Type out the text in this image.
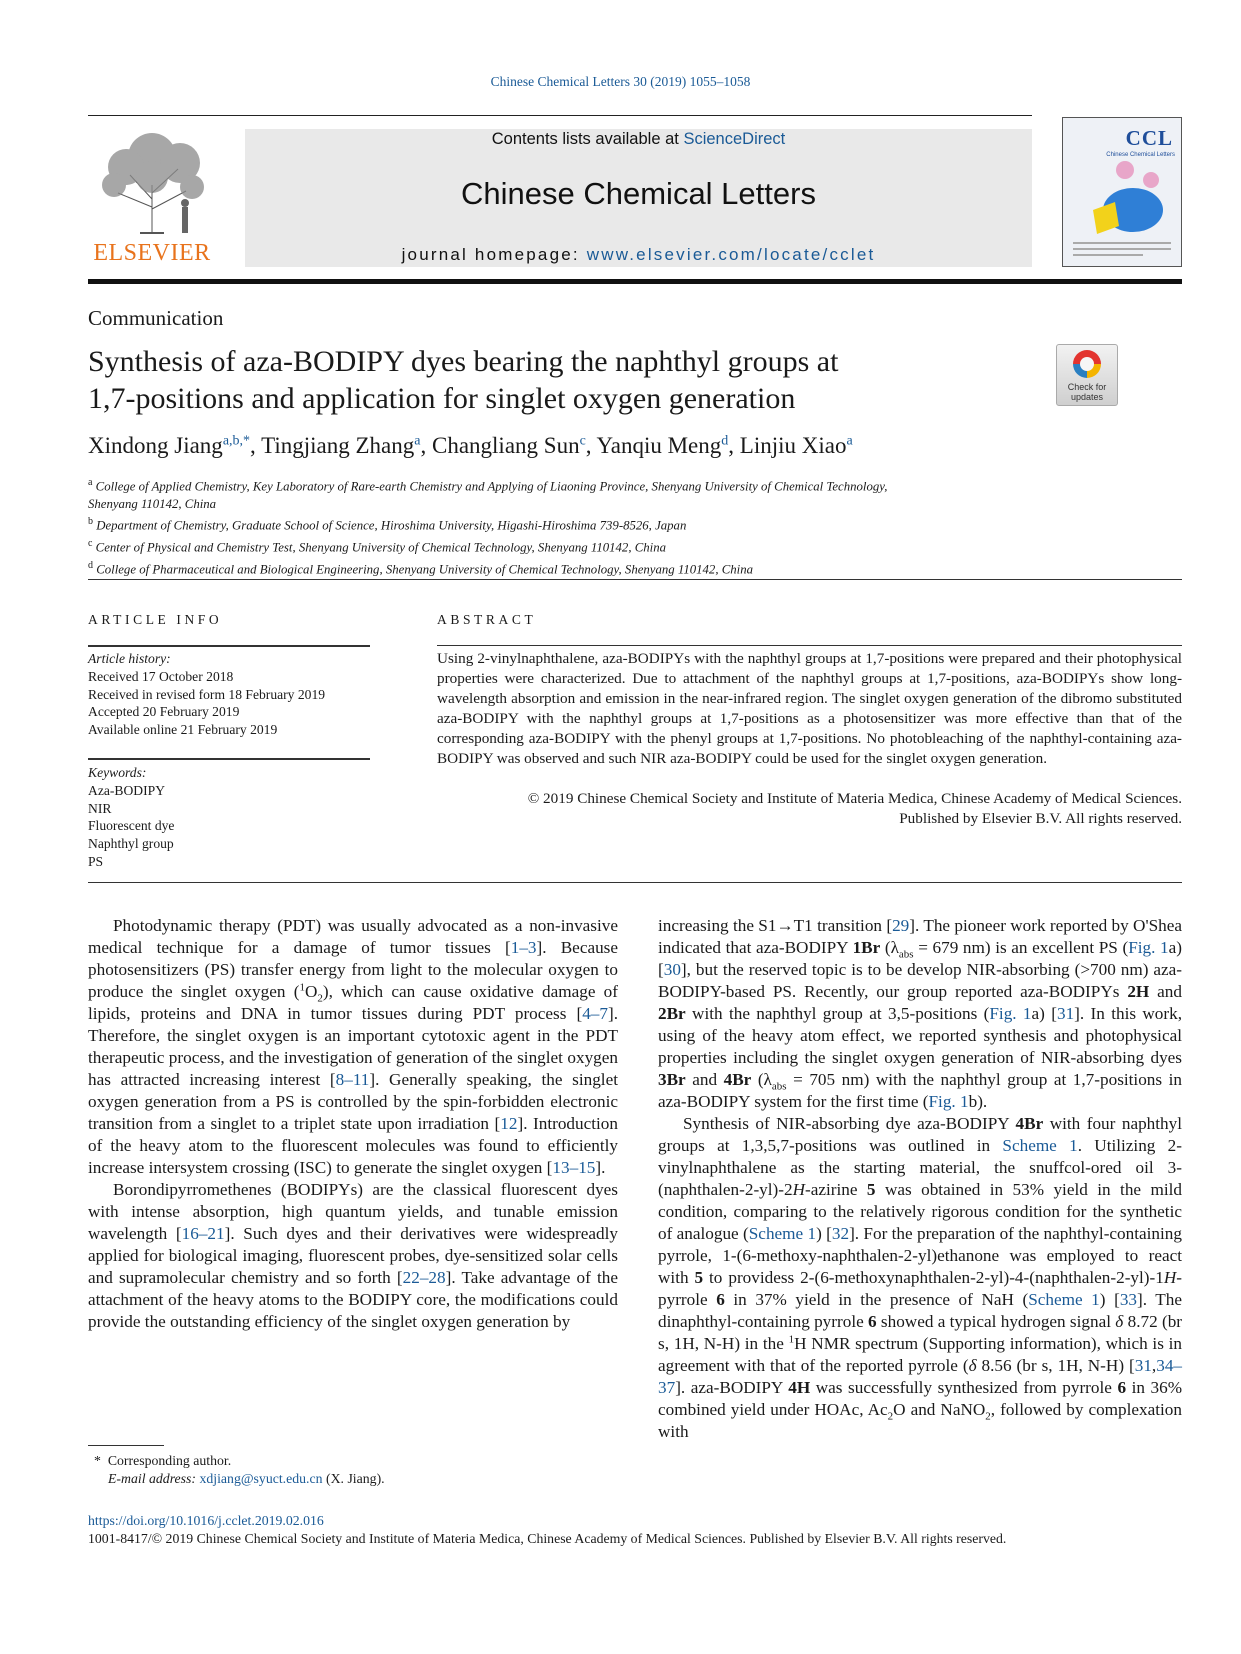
Chinese Chemical Letters 30 (2019) 1055–1058
ELSEVIER
Contents lists available at ScienceDirect
Chinese Chemical Letters
journal homepage: www.elsevier.com/locate/cclet
CCL
Chinese Chemical Letters
Communication
Synthesis of aza-BODIPY dyes bearing the naphthyl groups at
1,7-positions and application for singlet oxygen generation	Check for updates
Xindong Jiang$^{a,b,*}$, Tingjiang Zhang$^a$, Changliang Sun$^c$, Yanqiu Meng$^d$, Linjiu Xiao$^a$
$^a$ College of Applied Chemistry, Key Laboratory of Rare-earth Chemistry and Applying of Liaoning Province, Shenyang University of Chemical Technology,
Shenyang 110142, China
$^b$ Department of Chemistry, Graduate School of Science, Hiroshima University, Higashi-Hiroshima 739-8526, Japan
$^c$ Center of Physical and Chemistry Test, Shenyang University of Chemical Technology, Shenyang 110142, China
$^d$ College of Pharmaceutical and Biological Engineering, Shenyang University of Chemical Technology, Shenyang 110142, China
ARTICLE INFO	ABSTRACT
Article history:
Received 17 October 2018
Received in revised form 18 February 2019
Accepted 20 February 2019
Available online 21 February 2019
Keywords:
Aza-BODIPY
NIR
Fluorescent dye
Naphthyl group
PS

Using 2-vinylnaphthalene, aza-BODIPYs with the naphthyl groups at 1,7-positions were prepared and their photophysical properties were characterized. Due to attachment of the naphthyl groups at 1,7-positions, aza-BODIPYs show long-wavelength absorption and emission in the near-infrared region. The singlet oxygen generation of the dibromo substituted aza-BODIPY with the naphthyl groups at 1,7-positions as a photosensitizer was more effective than that of the corresponding aza-BODIPY with the phenyl groups at 1,7-positions. No photobleaching of the naphthyl-containing aza-BODIPY was observed and such NIR aza-BODIPY could be used for the singlet oxygen generation.

© 2019 Chinese Chemical Society and Institute of Materia Medica, Chinese Academy of Medical Sciences.
Published by Elsevier B.V. All rights reserved.

Photodynamic therapy (PDT) was usually advocated as a non-invasive medical technique for a damage of tumor tissues [1–3]. Because photosensitizers (PS) transfer energy from light to the molecular oxygen to produce the singlet oxygen $(^1O_2)$, which can cause oxidative damage of lipids, proteins and DNA in tumor tissues during PDT process [4–7]. Therefore, the singlet oxygen is an important cytotoxic agent in the PDT therapeutic process, and the investigation of generation of the singlet oxygen has attracted increasing interest [8–11]. Generally speaking, the singlet oxygen generation from a PS is controlled by the spin-forbidden electronic transition from a singlet to a triplet state upon irradiation [12]. Introduction of the heavy atom to the fluorescent molecules was found to efficiently increase intersystem crossing (ISC) to generate the singlet oxygen [13–15].

Borondipyrromethenes (BODIPYs) are the classical fluorescent dyes with intense absorption, high quantum yields, and tunable emission wavelength [16–21]. Such dyes and their derivatives were widespreadly applied for biological imaging, fluorescent probes, dye-sensitized solar cells and supramolecular chemistry and so forth [22–28]. Take advantage of the attachment of the heavy atoms to the BODIPY core, the modifications could provide the outstanding efficiency of the singlet oxygen generation by

increasing the S1→T1 transition [29]. The pioneer work reported by O'Shea indicated that aza-BODIPY 1Br ($\lambda_{abs} = 679$ nm) is an excellent PS (Fig. 1a) [30], but the reserved topic is to be develop NIR-absorbing (>700 nm) aza-BODIPY-based PS. Recently, our group reported aza-BODIPYs 2H and 2Br with the naphthyl group at 3,5-positions (Fig. 1a) [31]. In this work, using of the heavy atom effect, we reported synthesis and photophysical properties including the singlet oxygen generation of NIR-absorbing dyes 3Br and 4Br ($\lambda_{abs} = 705$ nm) with the naphthyl group at 1,7-positions in aza-BODIPY system for the first time (Fig. 1b).

Synthesis of NIR-absorbing dye aza-BODIPY 4Br with four naphthyl groups at 1,3,5,7-positions was outlined in Scheme 1. Utilizing 2-vinylnaphthalene as the starting material, the snuffcol-ored oil 3-(naphthalen-2-yl)-2H-azirine 5 was obtained in 53% yield in the mild condition, comparing to the relatively rigorous condition for the synthetic of analogue (Scheme 1) [32]. For the preparation of the naphthyl-containing pyrrole, 1-(6-methoxy-naphthalen-2-yl)ethanone was employed to react with 5 to providess 2-(6-methoxynaphthalen-2-yl)-4-(naphthalen-2-yl)-1H-pyrrole 6 in 37% yield in the presence of NaH (Scheme 1) [33]. The dinaphthyl-containing pyrrole 6 showed a typical hydrogen signal δ 8.72 (br s, 1H, N-H) in the $^1$H NMR spectrum (Supporting information), which is in agreement with that of the reported pyrrole (δ 8.56 (br s, 1H, N-H) [31,34–37]. aza-BODIPY 4H was successfully synthesized from pyrrole 6 in 36% combined yield under HOAc, $Ac_2O$ and NaNO$_2$, followed by complexation with

* Corresponding author.
E-mail address: xdjiang@syuct.edu.cn (X. Jiang).
https://doi.org/10.1016/j.cclet.2019.02.016
1001-8417/© 2019 Chinese Chemical Society and Institute of Materia Medica, Chinese Academy of Medical Sciences. Published by Elsevier B.V. All rights reserved.
